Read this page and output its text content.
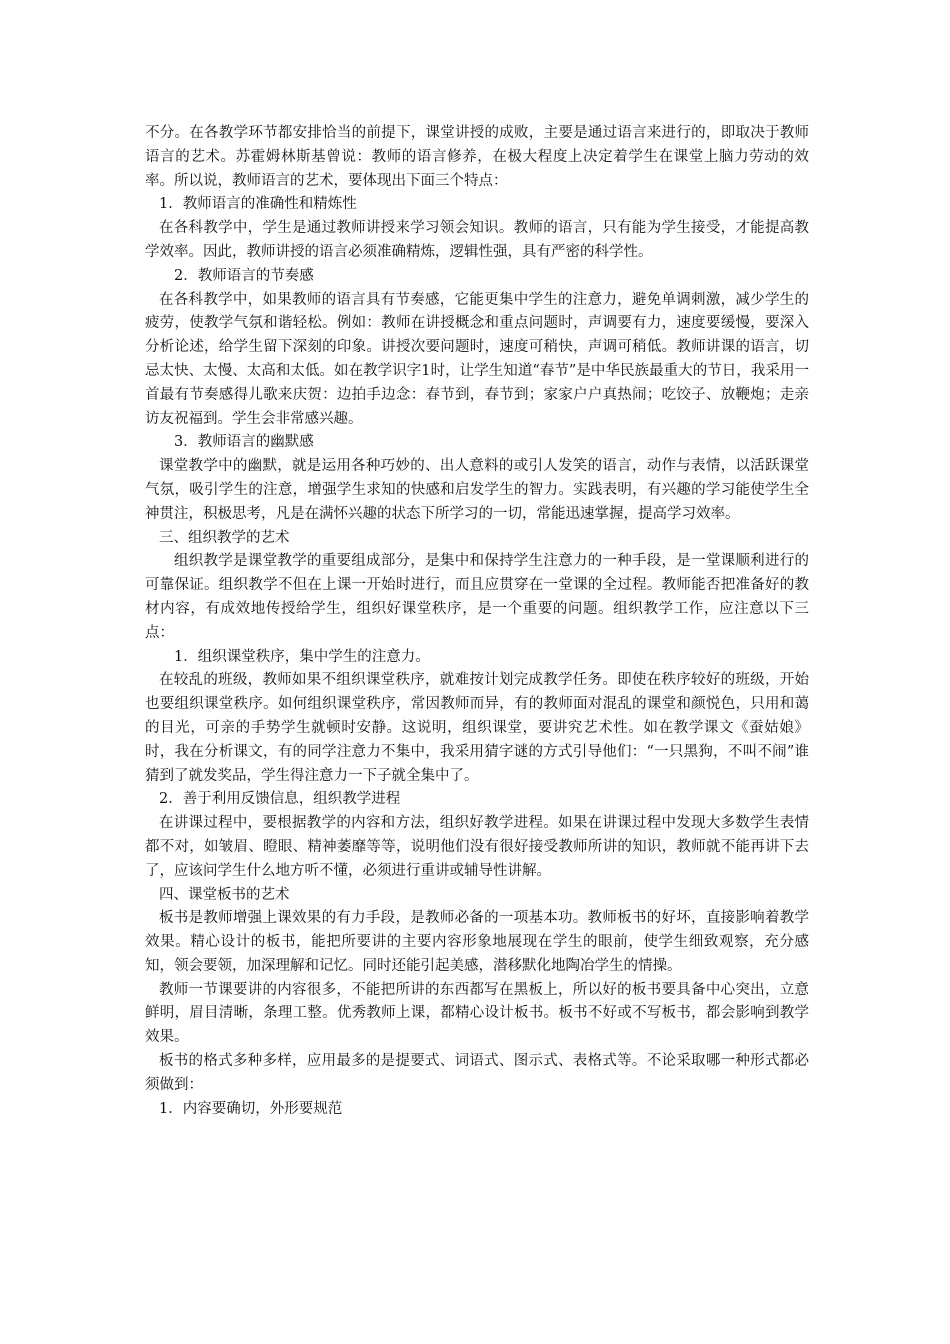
不分。在各教学环节都安排恰当的前提下，课堂讲授的成败，主要是通过语言来进行的，即取决于教师语言的艺术。苏霍姆林斯基曾说：教师的语言修养，在极大程度上决定着学生在课堂上脑力劳动的效率。所以说，教师语言的艺术，要体现出下面三个特点：

1．教师语言的准确性和精炼性

在各科教学中，学生是通过教师讲授来学习领会知识。教师的语言，只有能为学生接受，才能提高教学效率。因此，教师讲授的语言必须准确精炼，逻辑性强，具有严密的科学性。

2．教师语言的节奏感

在各科教学中，如果教师的语言具有节奏感，它能更集中学生的注意力，避免单调刺激，减少学生的疲劳，使教学气氛和谐轻松。例如：教师在讲授概念和重点问题时，声调要有力，速度要缓慢，要深入分析论述，给学生留下深刻的印象。讲授次要问题时，速度可稍快，声调可稍低。教师讲课的语言，切忌太快、太慢、太高和太低。如在教学识字1时，让学生知道“春节”是中华民族最重大的节日，我采用一首最有节奏感得儿歌来庆贺：边拍手边念：春节到，春节到；家家户户真热闹；吃饺子、放鞭炮；走亲访友祝福到。学生会非常感兴趣。

3．教师语言的幽默感

课堂教学中的幽默，就是运用各种巧妙的、出人意料的或引人发笑的语言，动作与表情，以活跃课堂气氛，吸引学生的注意，增强学生求知的快感和启发学生的智力。实践表明，有兴趣的学习能使学生全神贯注，积极思考，凡是在满怀兴趣的状态下所学习的一切，常能迅速掌握，提高学习效率。

三、组织教学的艺术

组织教学是课堂教学的重要组成部分，是集中和保持学生注意力的一种手段，是一堂课顺利进行的可靠保证。组织教学不但在上课一开始时进行，而且应贯穿在一堂课的全过程。教师能否把准备好的教材内容，有成效地传授给学生，组织好课堂秩序，是一个重要的问题。组织教学工作，应注意以下三点：

1．组织课堂秩序，集中学生的注意力。

在较乱的班级，教师如果不组织课堂秩序，就难按计划完成教学任务。即使在秩序较好的班级，开始也要组织课堂秩序。如何组织课堂秩序，常因教师而异，有的教师面对混乱的课堂和颜悦色，只用和蔼的目光，可亲的手势学生就顿时安静。这说明，组织课堂，要讲究艺术性。如在教学课文《蚕姑娘》时，我在分析课文，有的同学注意力不集中，我采用猜字谜的方式引导他们：“一只黑狗，不叫不闹”谁猜到了就发奖品，学生得注意力一下子就全集中了。

2．善于利用反馈信息，组织教学进程

在讲课过程中，要根据教学的内容和方法，组织好教学进程。如果在讲课过程中发现大多数学生表情都不对，如皱眉、瞪眼、精神萎靡等等，说明他们没有很好接受教师所讲的知识，教师就不能再讲下去了，应该问学生什么地方听不懂，必须进行重讲或辅导性讲解。

四、课堂板书的艺术

板书是教师增强上课效果的有力手段，是教师必备的一项基本功。教师板书的好坏，直接影响着教学效果。精心设计的板书，能把所要讲的主要内容形象地展现在学生的眼前，使学生细致观察，充分感知，领会要领，加深理解和记忆。同时还能引起美感，潜移默化地陶冶学生的情操。

教师一节课要讲的内容很多，不能把所讲的东西都写在黑板上，所以好的板书要具备中心突出，立意鲜明，眉目清晰，条理工整。优秀教师上课，都精心设计板书。板书不好或不写板书，都会影响到教学效果。

板书的格式多种多样，应用最多的是提要式、词语式、图示式、表格式等。不论采取哪一种形式都必须做到：

1．内容要确切，外形要规范
